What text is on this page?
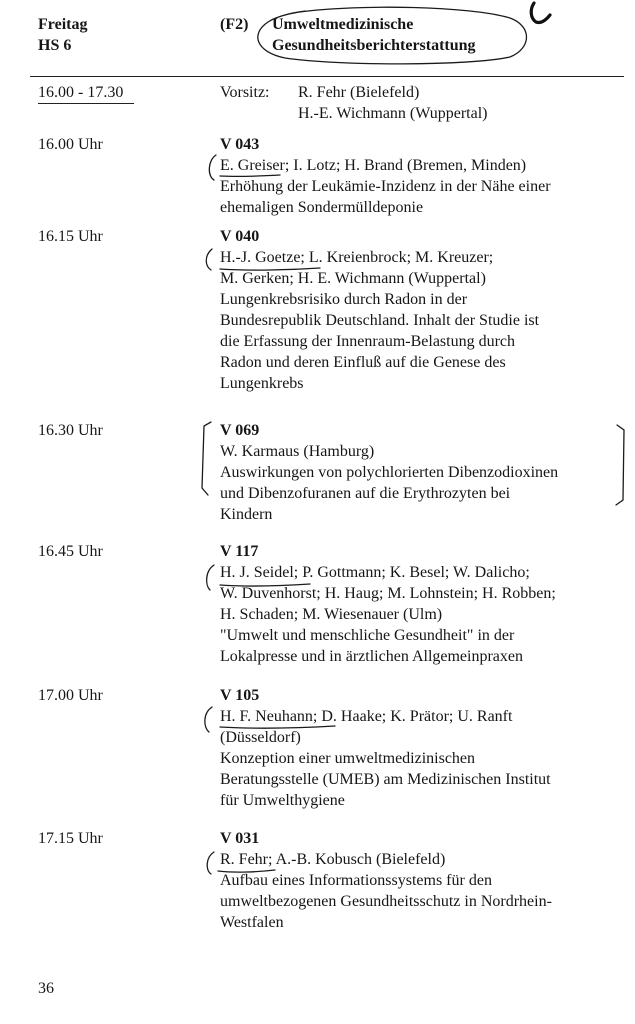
Freitag
HS 6
(F2) Umweltmedizinische
Gesundheitsberichterstattung
16.00 - 17.30	Vorsitz: R. Fehr (Bielefeld)
H.-E. Wichmann (Wuppertal)
16.00 Uhr	V 043
E. Greiser; I. Lotz; H. Brand (Bremen, Minden)
Erhöhung der Leukämie-Inzidenz in der Nähe einer
ehemaligen Sondermülldeponie
16.15 Uhr	V 040
H.-J. Goetze; L. Kreienbrock; M. Kreuzer;
M. Gerken; H. E. Wichmann (Wuppertal)
Lungenkrebsrisiko durch Radon in der
Bundesrepublik Deutschland. Inhalt der Studie ist
die Erfassung der Innenraum-Belastung durch
Radon und deren Einfluß auf die Genese des
Lungenkrebs
16.30 Uhr	V 069
W. Karmaus (Hamburg)
Auswirkungen von polychlorierten Dibenzodioxinen
und Dibenzofuranen auf die Erythrozyten bei
Kindern
16.45 Uhr	V 117
H. J. Seidel; P. Gottmann; K. Besel; W. Dalicho;
W. Duvenhorst; H. Haug; M. Lohnstein; H. Robben;
H. Schaden; M. Wiesenauer (Ulm)
"Umwelt und menschliche Gesundheit" in der
Lokalpresse und in ärztlichen Allgemeinpraxen
17.00 Uhr	V 105
H. F. Neuhann; D. Haake; K. Prätor; U. Ranft
(Düsseldorf)
Konzeption einer umweltmedizinischen
Beratungsstelle (UMEB) am Medizinischen Institut
für Umwelthygiene
17.15 Uhr	V 031
R. Fehr; A.-B. Kobusch (Bielefeld)
Aufbau eines Informationssystems für den
umweltbezogenen Gesundheitsschutz in Nordrhein-
Westfalen
36
